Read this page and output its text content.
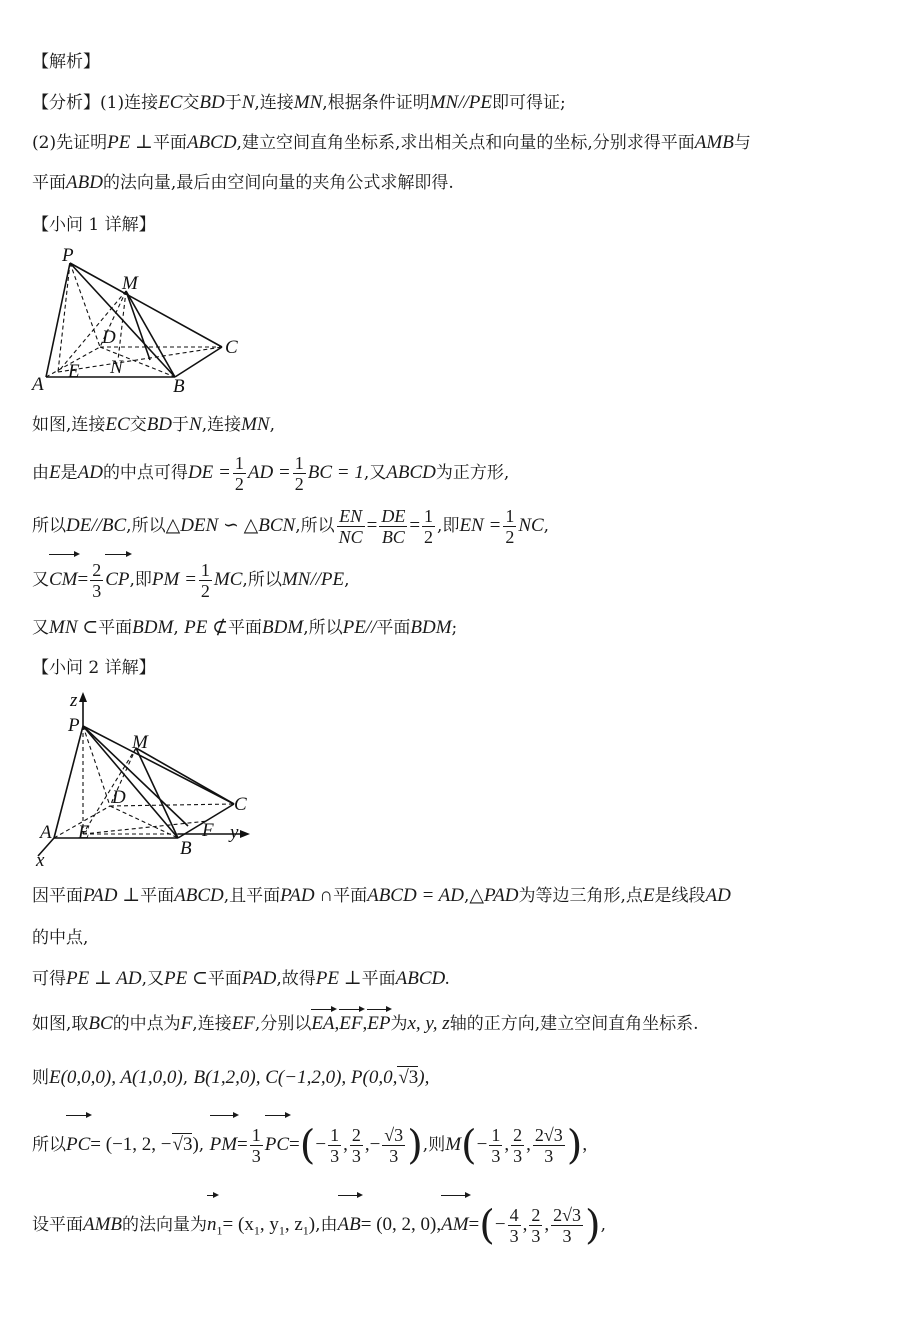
【解析】
【分析】(1)连接EC交BD于N,连接MN,根据条件证明MN//PE即可得证;
(2)先证明PE ⊥平面ABCD,建立空间直角坐标系,求出相关点和向量的坐标,分别求得平面AMB与
平面ABD的法向量,最后由空间向量的夹角公式求解即得.
【小问 1 详解】
P
M
D	C
A
E N
B
如图,连接EC交BD于N,连接MN,
由E是AD的中点可得DE = $\frac{1}{2}$ AD = $\frac{1}{2}$ BC = 1,又ABCD为正方形,
所以DE//BC,所以△DEN ∽ △BCN,所以 $\frac{EN}{NC} = \frac{DE}{BC} = \frac{1}{2}$ ,即EN = $\frac{1}{2}$ NC,
又$CM= \frac{2}{3}$ CP,即PM = $\frac{1}{2}$ MC,所以MN//PE,
又MN ⊂平面BDM, PE ⊄平面BDM,所以PE//平面BDM;
【小问 2 详解】
z
P
M
D	C
A E	F y
B
x
因平面PAD ⊥平面ABCD,且平面PAD ∩平面ABCD = AD,△PAD为等边三角形,点E是线段AD
的中点,
可得PE ⊥ AD,又PE ⊂平面PAD,故得PE ⊥平面ABCD.
如图,取BC的中点为F,连接EF,分别以EA,EF,EP为x, y, z轴的正方向,建立空间直角坐标系.
则E(0,0,0), A(1,0,0), B(1,2,0), C(−1,2,0), P(0,0,√3),
所以PC= (−1, 2, −√3), $PM= \frac{1}{3} PC=(- \frac{1}{3}$ , $\frac{2}{3}$ ,− $\frac{√3}{3}$ ),则$M(- \frac{1}{3}$ , $\frac{2}{3}$ , $\frac{2√3}{3}$ ),
设平面AMB的法向量为$n_1= (x_1$, $y_1$, $z_1$),由AB= (0, 2, $0),AM=(- \frac{4}{3}$ , $\frac{2}{3}$ , $\frac{2√3}{3}$ ),
